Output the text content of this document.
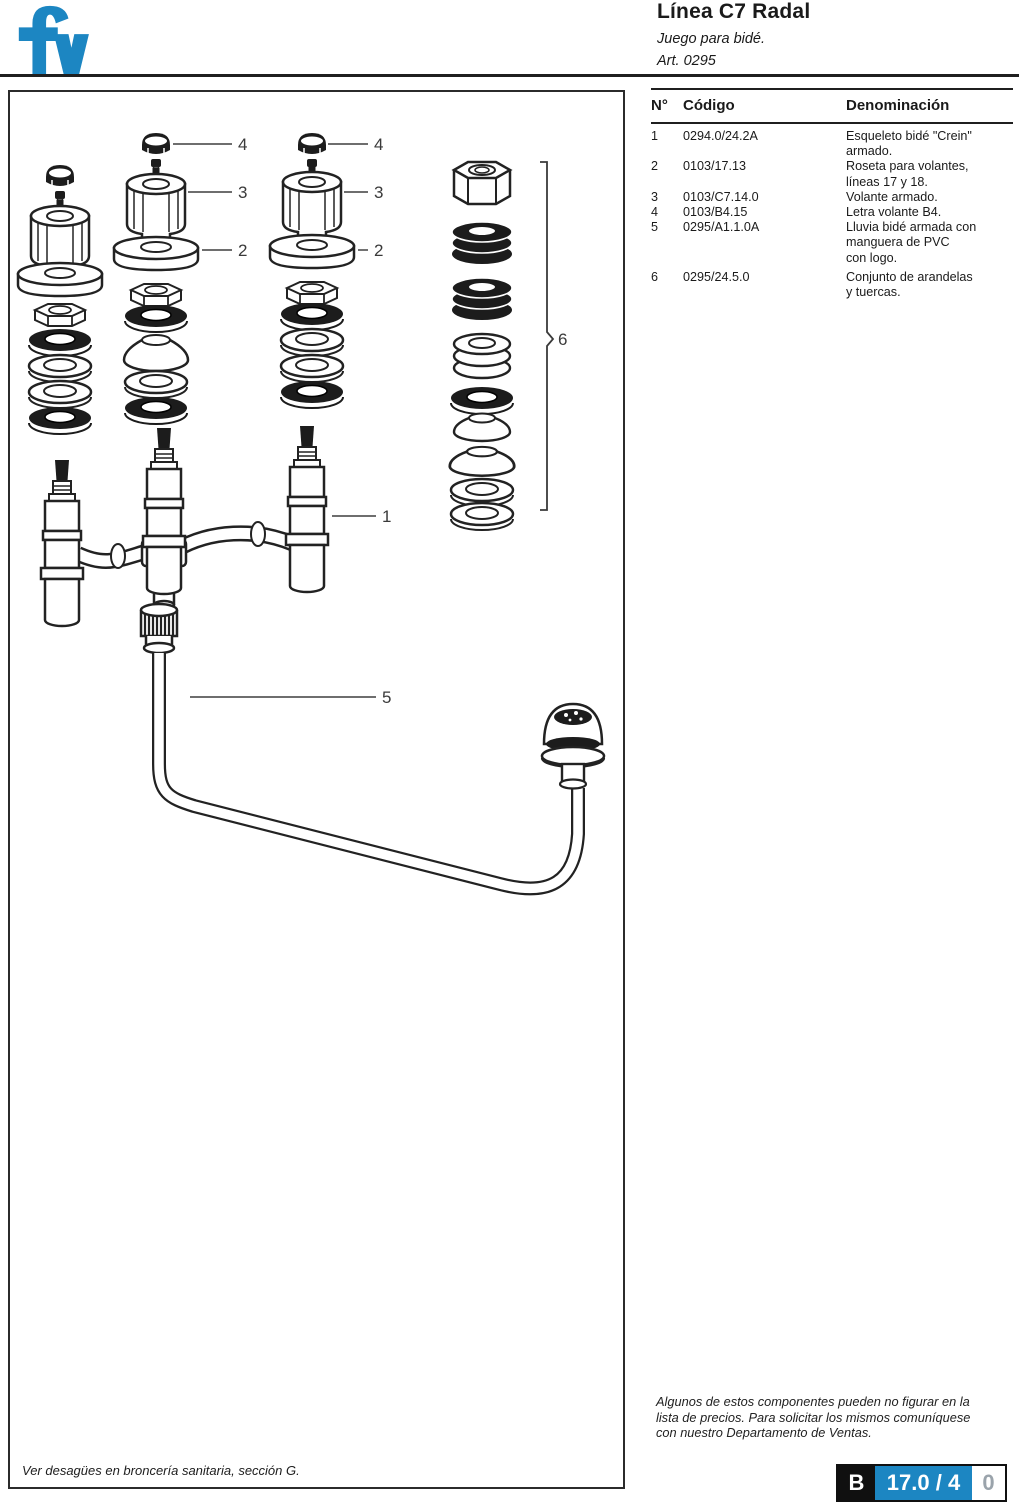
Línea C7 Radal
Juego para bidé.
Art. 0295
4
3
2
4
3
2
1
5
6
Ver desagües en broncería sanitaria, sección G.
N°	Código	Denominación
1	0294.0/24.2A	Esqueleto bidé "Crein"
armado.
2	0103/17.13	Roseta para volantes,
líneas 17 y 18.
3	0103/C7.14.0	Volante armado.
4	0103/B4.15	Letra volante B4.
5	0295/A1.1.0A	Lluvia bidé armada con
manguera de PVC
con logo.
6	0295/24.5.0	Conjunto de arandelas
y tuercas.
Algunos de estos componentes pueden no figurar en la
lista de precios. Para solicitar los mismos comuníquese
con nuestro Departamento de Ventas.
B	17.0 / 4	0
